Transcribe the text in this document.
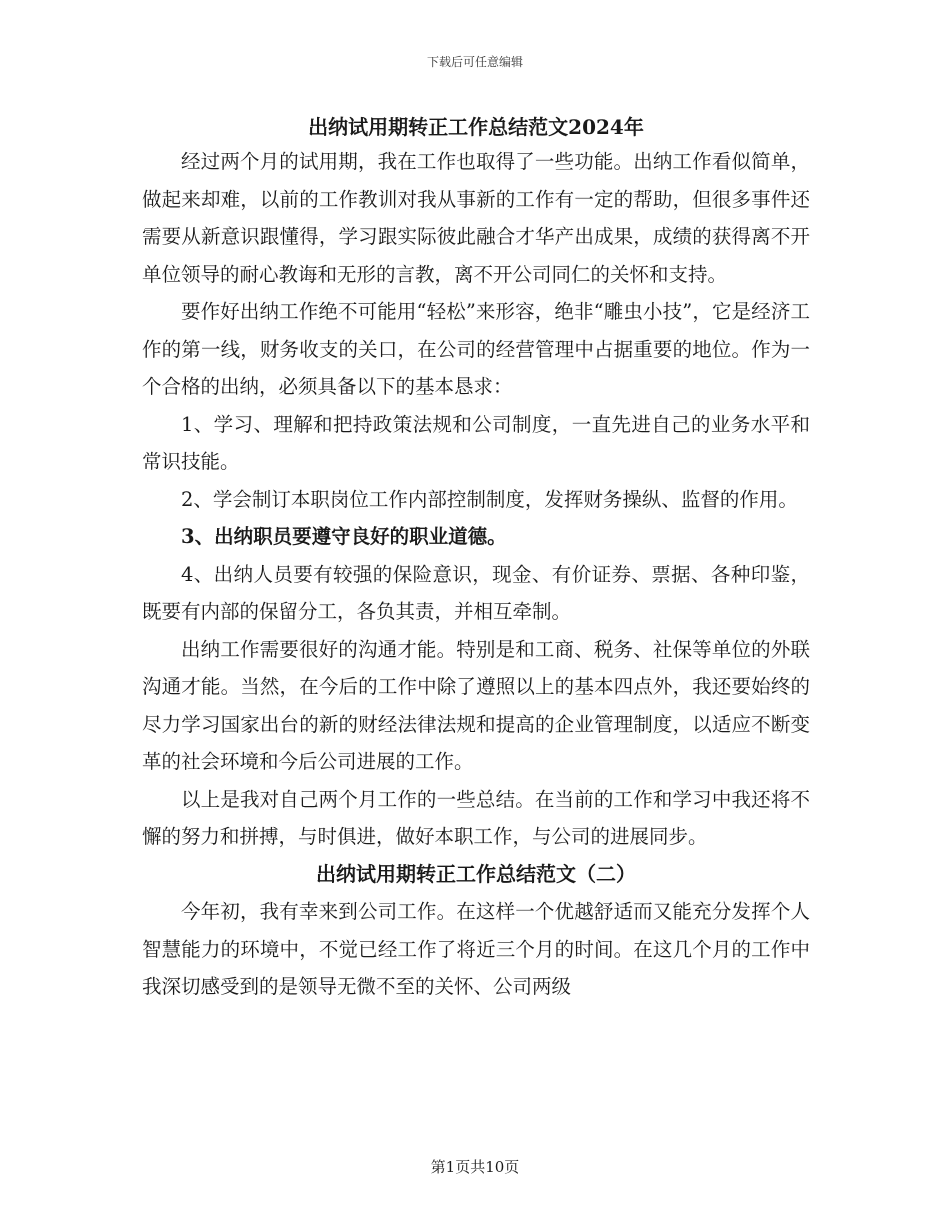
下载后可任意编辑
出纳试用期转正工作总结范文2024年

经过两个月的试用期，我在工作也取得了一些功能。出纳工作看似简单，做起来却难，以前的工作教训对我从事新的工作有一定的帮助，但很多事件还需要从新意识跟懂得，学习跟实际彼此融合才华产出成果，成绩的获得离不开单位领导的耐心教诲和无形的言教，离不开公司同仁的关怀和支持。

要作好出纳工作绝不可能用“轻松”来形容，绝非“雕虫小技”，它是经济工作的第一线，财务收支的关口，在公司的经营管理中占据重要的地位。作为一个合格的出纳，必须具备以下的基本恳求：

1、学习、理解和把持政策法规和公司制度，一直先进自己的业务水平和常识技能。

2、学会制订本职岗位工作内部控制制度，发挥财务操纵、监督的作用。

3、出纳职员要遵守良好的职业道德。

4、出纳人员要有较强的保险意识，现金、有价证券、票据、各种印鉴，既要有内部的保留分工，各负其责，并相互牵制。

出纳工作需要很好的沟通才能。特别是和工商、税务、社保等单位的外联沟通才能。当然，在今后的工作中除了遵照以上的基本四点外，我还要始终的尽力学习国家出台的新的财经法律法规和提高的企业管理制度，以适应不断变革的社会环境和今后公司进展的工作。

以上是我对自己两个月工作的一些总结。在当前的工作和学习中我还将不懈的努力和拼搏，与时俱进，做好本职工作，与公司的进展同步。

出纳试用期转正工作总结范文（二）

今年初，我有幸来到公司工作。在这样一个优越舒适而又能充分发挥个人智慧能力的环境中，不觉已经工作了将近三个月的时间。在这几个月的工作中我深切感受到的是领导无微不至的关怀、公司两级

第1页共10页
